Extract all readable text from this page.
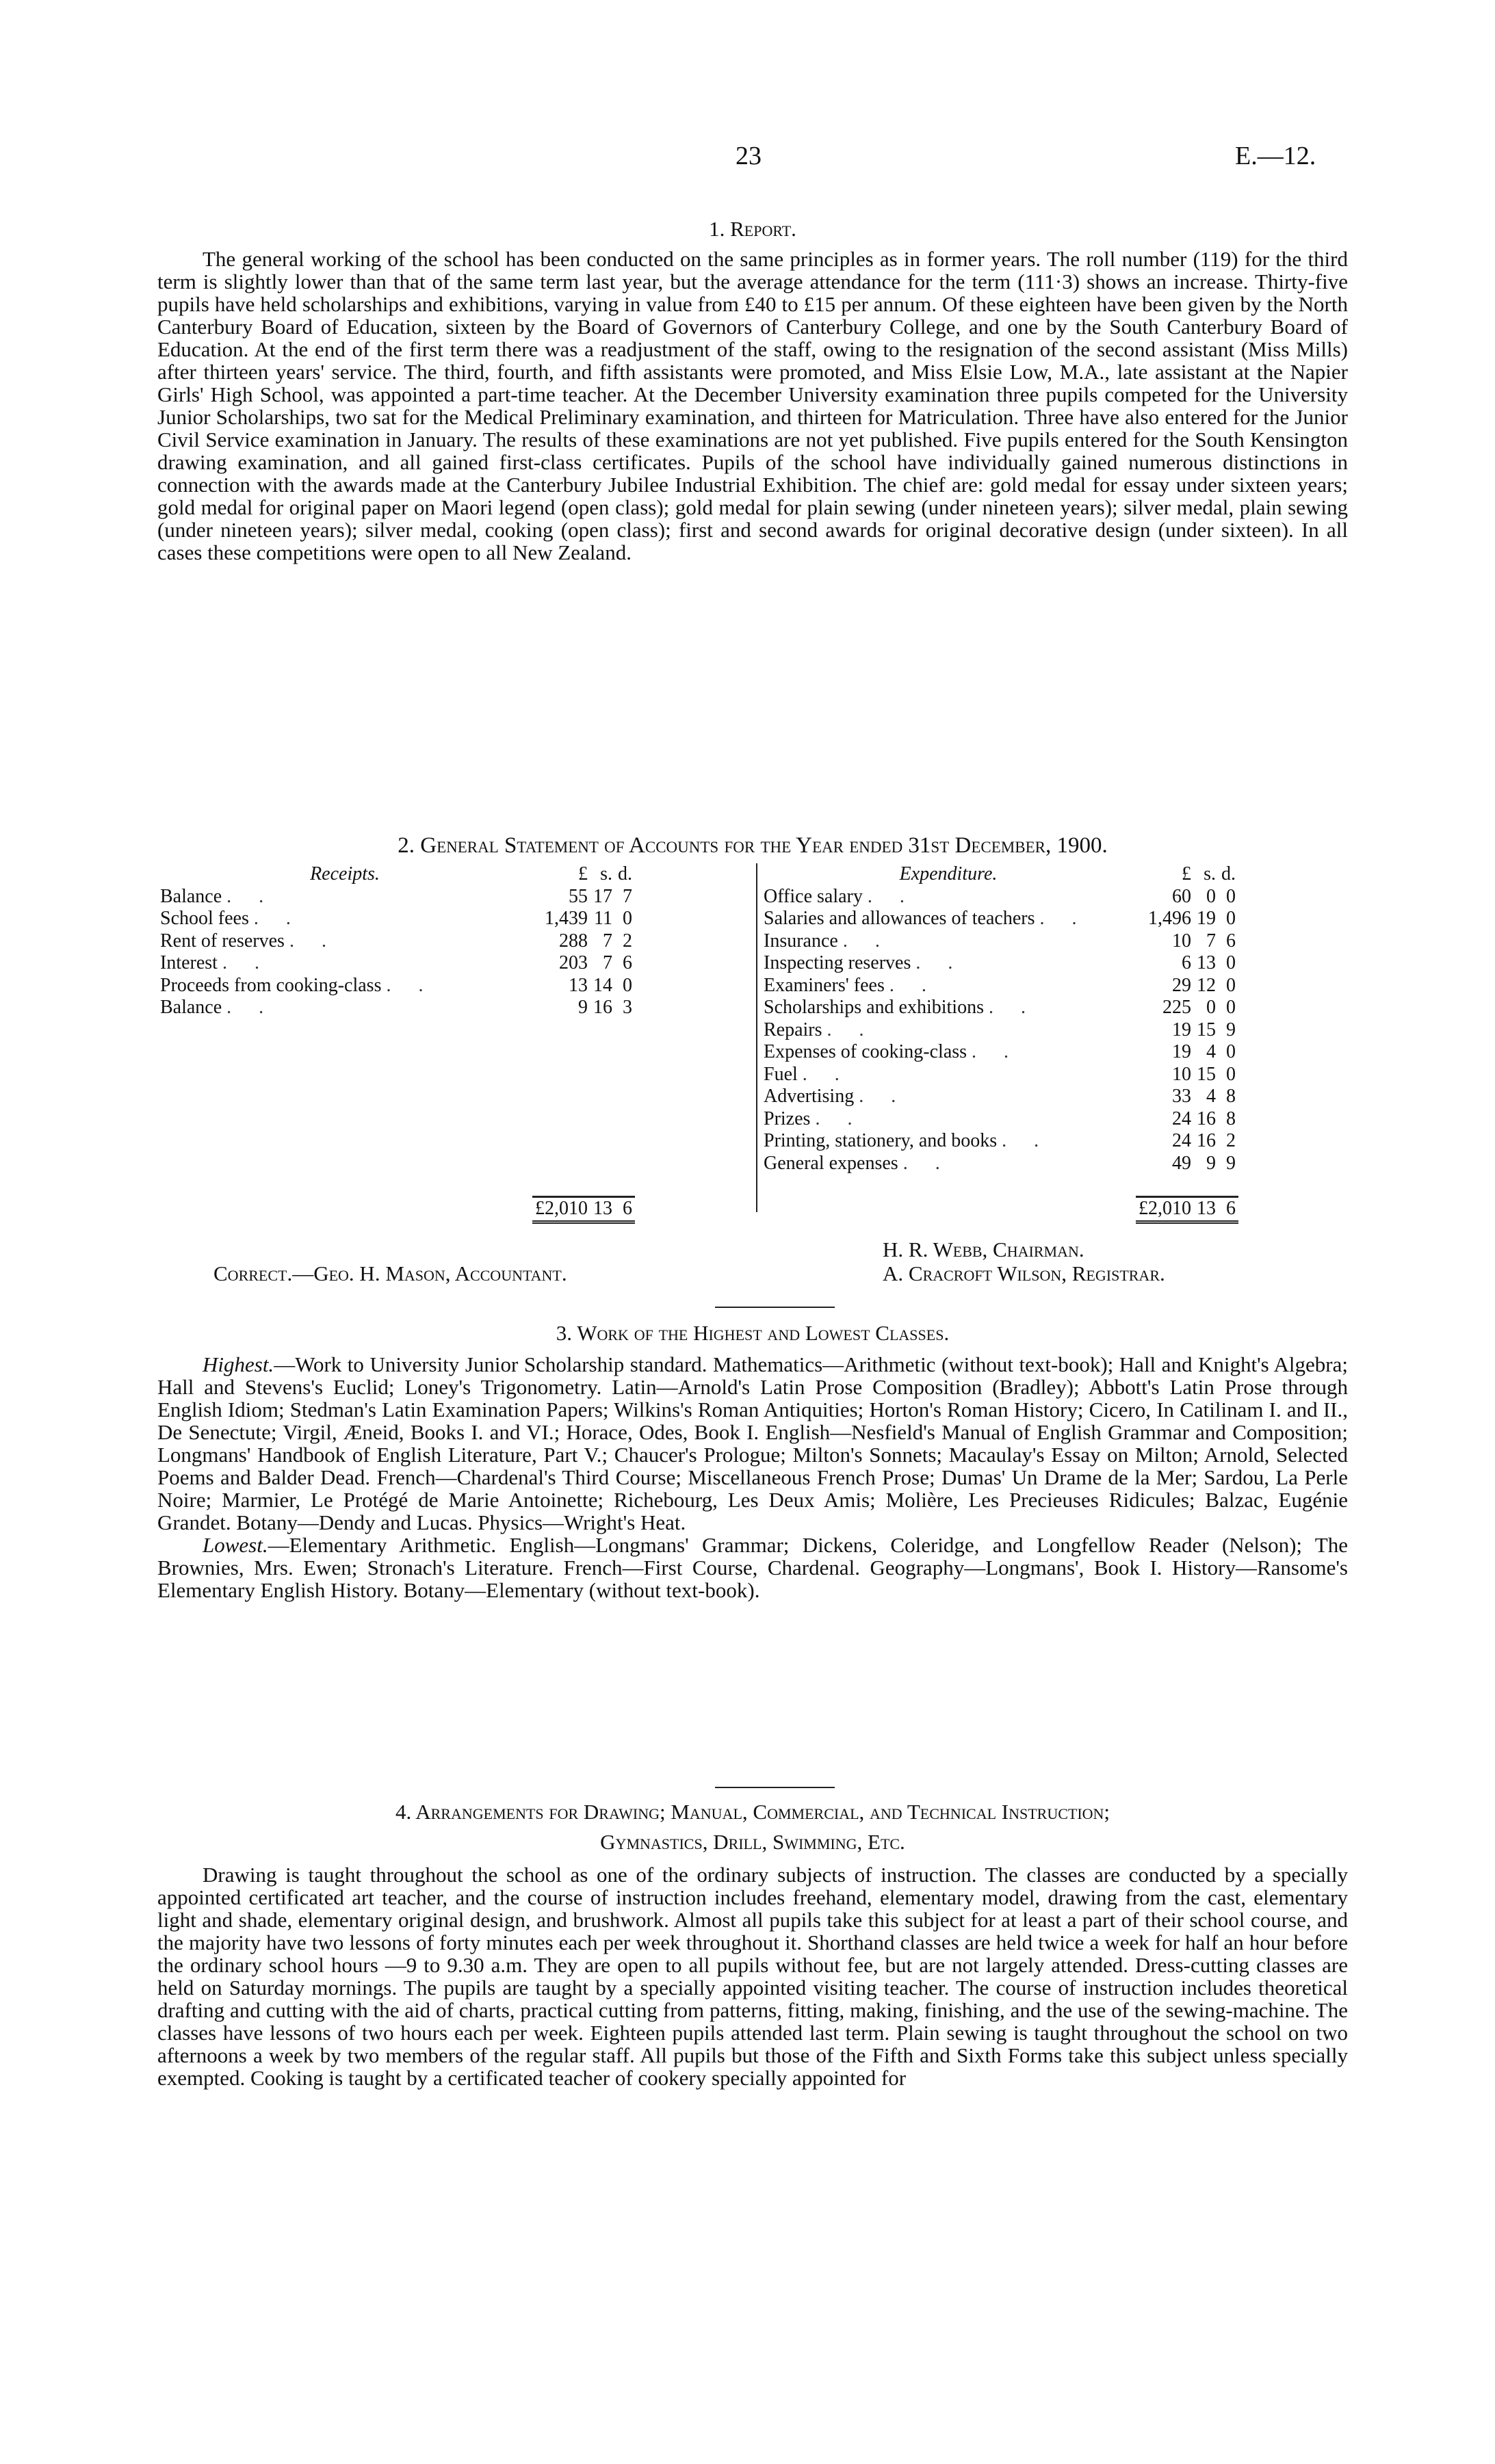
23	E.—12.
1. Report.

The general working of the school has been conducted on the same principles as in former years. The roll number (119) for the third term is slightly lower than that of the same term last year, but the average attendance for the term (111·3) shows an increase. Thirty-five pupils have held scholarships and exhibitions, varying in value from £40 to £15 per annum. Of these eighteen have been given by the North Canterbury Board of Education, sixteen by the Board of Governors of Canterbury College, and one by the South Canterbury Board of Education. At the end of the first term there was a readjustment of the staff, owing to the resignation of the second assistant (Miss Mills) after thirteen years' service. The third, fourth, and fifth assistants were promoted, and Miss Elsie Low, M.A., late assistant at the Napier Girls' High School, was appointed a part-time teacher. At the December University examination three pupils competed for the University Junior Scholarships, two sat for the Medical Preliminary examination, and thirteen for Matriculation. Three have also entered for the Junior Civil Service examination in January. The results of these examinations are not yet published. Five pupils entered for the South Kensington drawing examination, and all gained first-class certificates. Pupils of the school have individually gained numerous distinctions in connection with the awards made at the Canterbury Jubilee Industrial Exhibition. The chief are: gold medal for essay under sixteen years; gold medal for original paper on Maori legend (open class); gold medal for plain sewing (under nineteen years); silver medal, plain sewing (under nineteen years); silver medal, cooking (open class); first and second awards for original decorative design (under sixteen). In all cases these competitions were open to all New Zealand.

2. General Statement of Accounts for the Year ended 31st December, 1900.
Receipts.	£	s.	d.
Balance ..	55	17	7
School fees ..	1,439	11	0
Rent of reserves ..	288	7	2
Interest ..	203	7	6
Proceeds from cooking-class ..	13	14	0
Balance ..	9	16	3

	£2,010	13	6
Expenditure.	£	s.	d.
Office salary ..	60	0	0
Salaries and allowances of teachers ..	1,496	19	0
Insurance ..	10	7	6
Inspecting reserves ..	6	13	0
Examiners' fees ..	29	12	0
Scholarships and exhibitions ..	225	0	0
Repairs ..	19	15	9
Expenses of cooking-class ..	19	4	0
Fuel ..	10	15	0
Advertising ..	33	4	8
Prizes ..	24	16	8
Printing, stationery, and books ..	24	16	2
General expenses ..	49	9	9

	£2,010	13	6
H. R. Webb, Chairman.
Correct.—Geo. H. Mason, Accountant.	A. Cracroft Wilson, Registrar.
3. Work of the Highest and Lowest Classes.

Highest.—Work to University Junior Scholarship standard. Mathematics—Arithmetic (without text-book); Hall and Knight's Algebra; Hall and Stevens's Euclid; Loney's Trigonometry. Latin—Arnold's Latin Prose Composition (Bradley); Abbott's Latin Prose through English Idiom; Stedman's Latin Examination Papers; Wilkins's Roman Antiquities; Horton's Roman History; Cicero, In Catilinam I. and II., De Senectute; Virgil, Æneid, Books I. and VI.; Horace, Odes, Book I. English—Nesfield's Manual of English Grammar and Composition; Longmans' Handbook of English Literature, Part V.; Chaucer's Prologue; Milton's Sonnets; Macaulay's Essay on Milton; Arnold, Selected Poems and Balder Dead. French—Chardenal's Third Course; Miscellaneous French Prose; Dumas' Un Drame de la Mer; Sardou, La Perle Noire; Marmier, Le Protégé de Marie Antoinette; Richebourg, Les Deux Amis; Molière, Les Precieuses Ridicules; Balzac, Eugénie Grandet. Botany—Dendy and Lucas. Physics—Wright's Heat.

Lowest.—Elementary Arithmetic. English—Longmans' Grammar; Dickens, Coleridge, and Longfellow Reader (Nelson); The Brownies, Mrs. Ewen; Stronach's Literature. French—First Course, Chardenal. Geography—Longmans', Book I. History—Ransome's Elementary English History. Botany—Elementary (without text-book).

4. Arrangements for Drawing; Manual, Commercial, and Technical Instruction;
Gymnastics, Drill, Swimming, Etc.

Drawing is taught throughout the school as one of the ordinary subjects of instruction. The classes are conducted by a specially appointed certificated art teacher, and the course of instruction includes freehand, elementary model, drawing from the cast, elementary light and shade, elementary original design, and brushwork. Almost all pupils take this subject for at least a part of their school course, and the majority have two lessons of forty minutes each per week throughout it. Shorthand classes are held twice a week for half an hour before the ordinary school hours —9 to 9.30 a.m. They are open to all pupils without fee, but are not largely attended. Dress-cutting classes are held on Saturday mornings. The pupils are taught by a specially appointed visiting teacher. The course of instruction includes theoretical drafting and cutting with the aid of charts, practical cutting from patterns, fitting, making, finishing, and the use of the sewing-machine. The classes have lessons of two hours each per week. Eighteen pupils attended last term. Plain sewing is taught throughout the school on two afternoons a week by two members of the regular staff. All pupils but those of the Fifth and Sixth Forms take this subject unless specially exempted. Cooking is taught by a certificated teacher of cookery specially appointed for
